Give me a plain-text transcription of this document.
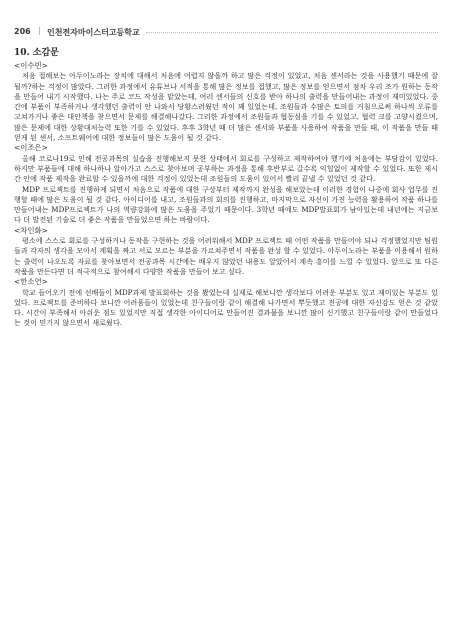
206 | 인천전자마이스터고등학교
10. 소감문
<이수빈>

처음 접해보는 아두이노라는 장치에 대해서 처음에 어렵지 않을까 하고 많은 걱정이 있었고, 처음 센서라는 것을 사용했기 때문에 잘 될까?하는 걱정이 많았다. 그러한 과정에서 유튜브나 서적을 통해 많은 정보를 접했고, 많은 정보를 얻으면서 점차 우리 조가 원하는 동작을 만들어 내기 시작했다. 나는 주로 코드 작성을 맡았는데, 여러 센서들의 신호를 받아 하나의 출력을 만들어내는 과정이 재미있었다. 중간에 부품이 부족하거나 생각했던 출력이 안 나와서 당황스러웠던 적이 꽤 있었는데, 조원들과 수많은 토의를 거침으로써 하나씩 오류를 고쳐가거나 좋은 대안책을 찾으면서 문제를 해결해나갔다. 그러한 과정에서 조원들과 협동심을 기를 수 있었고, 협력 크를 고양시켰으며, 많은 문제에 대한 상황대처능력 또한 기를 수 있었다. 후후 3학년 때 더 많은 센서와 부품을 사용하여 작품을 만들 때, 이 작품을 만들 때 얻게 된 센서, 소프트웨어에 대한 정보들이 많은 도움이 될 것 같다.

<이조은>

올해 코로나19로 인해 전공과목의 실습을 진행해보지 못한 상태에서 회로를 구성하고 제작하여야 했기에 처음에는 부담감이 있었다. 하지만 부품들에 대해 하나하나 알아가고 스스로 찾아보며 공부하는 과정을 통해 후반부로 갈수록 익힐없이 제작할 수 있었다. 또한 제시간 안에 작품 제작을 완료할 수 있을까에 대한 걱정이 있었는데 조원들의 도움이 있어서 빨리 끝낼 수 있었던 것 같다.

MDP 프로젝트를 진행하게 되면서 처음으로 작품에 대한 구상부터 제작까지 완성을 해보았는데 이러한 경험이 나중에 회사 업무를 진행할 때에 많은 도움이 될 것 같다. 아이디어를 내고, 조원들과의 회의를 진행하고, 마지막으로 자신이 가진 능력을 활용하여 작품 하나를 만들어내는 MDP프로젝트가 나의 역량강화에 많은 도움을 주었기 때문이다. 3학년 때에도 MDP발표회가 남아있는데 내년에는 지금보다 더 발전된 기술로 더 좋은 작품을 만들었으면 하는 바람이다.

<차인화>

평소에 스스로 회로를 구성하거나 동작을 구현하는 것을 어려워해서 MDP 프로젝트 때 어떤 작품을 만들어야 되나 걱정했었지만 팀원들과 각자의 생각을 모아서 계획을 짜고 서로 모르는 부분을 가르쳐주면서 작품을 완성 할 수 있었다. 아두이노라는 부품을 이용해서 원하는 출력이 나오도록 자료를 찾아보면서 전공과목 시간에는 배우지 않았던 내용도 알았어서 계속 흥미를 느낄 수 있었다. 앞으로 또 다른 작품을 만든다면 더 적극적으로 참여해서 다양한 작품을 만들어 보고 싶다.

<한소연>

학교 들어오기 전에 선배들이 MDP과제 발표회하는 것을 봤었는데 실제로 해보니깐 생각보다 어려운 부분도 있고 재미있는 부분도 있었다. 프로젝트를 준비하다 보니깐 어려움들이 있었는데 친구들이랑 같이 해결해 나가면서 뿌듯했고 전공에 대한 자신감도 얻은 것 같았다. 시간이 부족해서 아쉬운 점도 있었지만 직접 생각한 아이디어로 만들어진 결과물을 보니깐 많이 신기했고 친구들이랑 같이 만들었다는 것이 믿기지 않으면서 새로웠다.
